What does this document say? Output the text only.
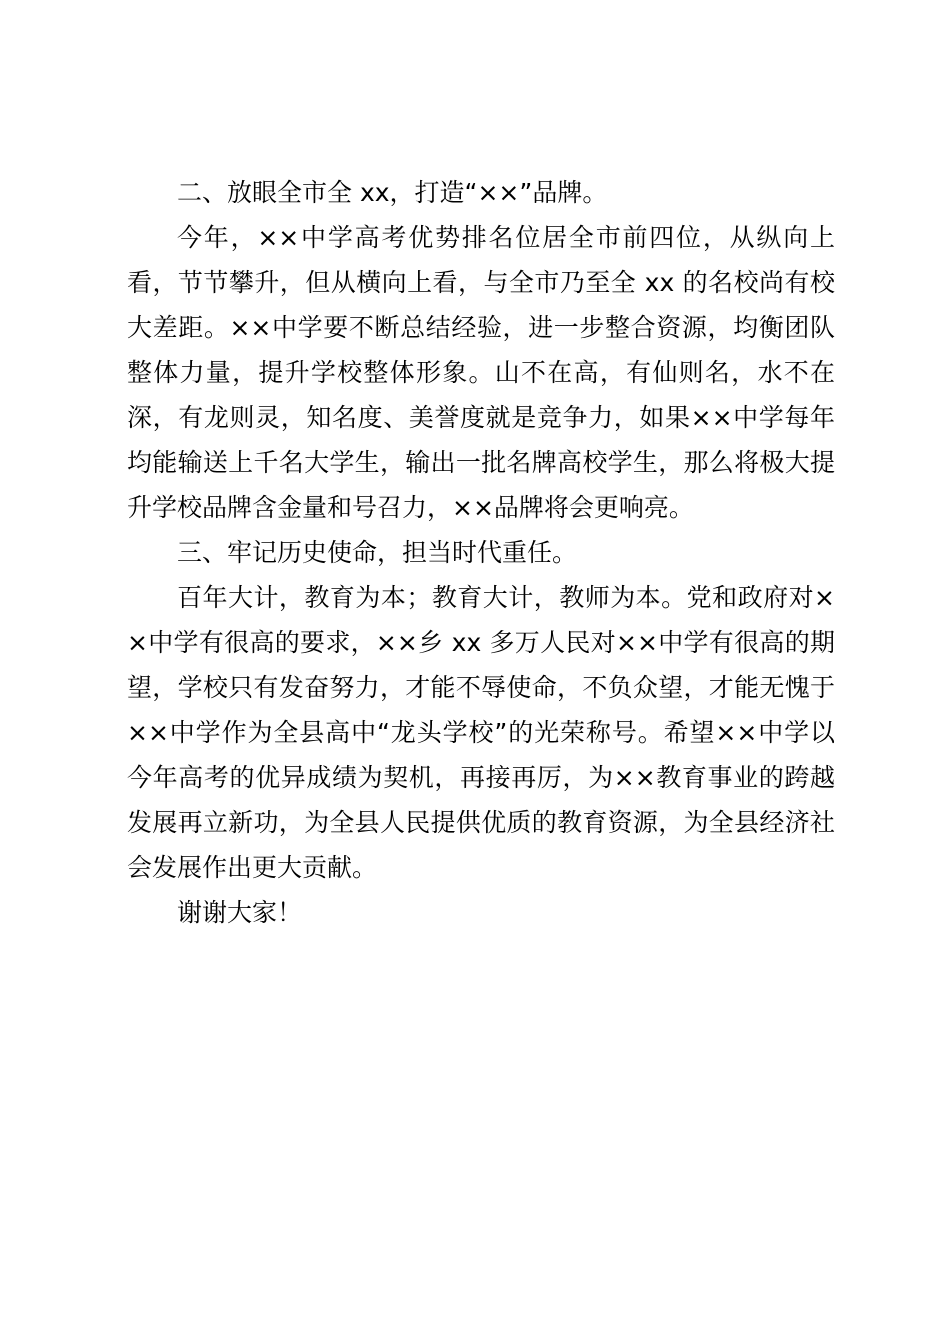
二、放眼全市全 xx，打造“××”品牌。

今年，××中学高考优势排名位居全市前四位，从纵向上看，节节攀升，但从横向上看，与全市乃至全 xx 的名校尚有校大差距。××中学要不断总结经验，进一步整合资源，均衡团队整体力量，提升学校整体形象。山不在高，有仙则名，水不在深，有龙则灵，知名度、美誉度就是竞争力，如果××中学每年均能输送上千名大学生，输出一批名牌高校学生，那么将极大提升学校品牌含金量和号召力，××品牌将会更响亮。

三、牢记历史使命，担当时代重任。

百年大计，教育为本；教育大计，教师为本。党和政府对××中学有很高的要求，××乡 xx 多万人民对××中学有很高的期望，学校只有发奋努力，才能不辱使命，不负众望，才能无愧于××中学作为全县高中“龙头学校”的光荣称号。希望××中学以今年高考的优异成绩为契机，再接再厉，为××教育事业的跨越发展再立新功，为全县人民提供优质的教育资源，为全县经济社会发展作出更大贡献。

谢谢大家！
